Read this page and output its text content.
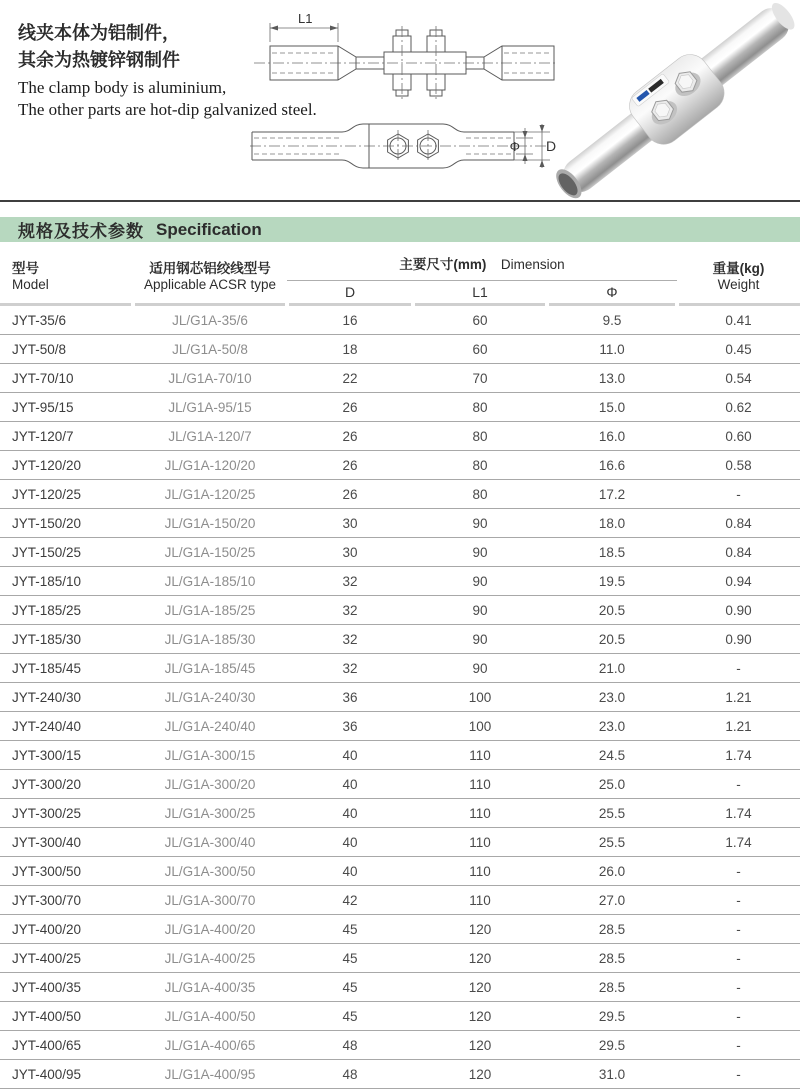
线夹本体为铝制件，
其余为热镀锌钢制件
The clamp body is aluminium,
The other parts are hot-dip galvanized steel.
L1
Φ D
规格及技术参数 Specification
型号
Model	适用钢芯铝绞线型号
Applicable ACSR type	主要尺寸(mm) Dimension			重量(kg)
Weight

		D	L1	Φ	

JYT-35/6	JL/G1A-35/6	16	60	9.5	0.41
JYT-50/8	JL/G1A-50/8	18	60	11.0	0.45
JYT-70/10	JL/G1A-70/10	22	70	13.0	0.54
JYT-95/15	JL/G1A-95/15	26	80	15.0	0.62
JYT-120/7	JL/G1A-120/7	26	80	16.0	0.60
JYT-120/20	JL/G1A-120/20	26	80	16.6	0.58
JYT-120/25	JL/G1A-120/25	26	80	17.2	-
JYT-150/20	JL/G1A-150/20	30	90	18.0	0.84
JYT-150/25	JL/G1A-150/25	30	90	18.5	0.84
JYT-185/10	JL/G1A-185/10	32	90	19.5	0.94
JYT-185/25	JL/G1A-185/25	32	90	20.5	0.90
JYT-185/30	JL/G1A-185/30	32	90	20.5	0.90
JYT-185/45	JL/G1A-185/45	32	90	21.0	-
JYT-240/30	JL/G1A-240/30	36	100	23.0	1.21
JYT-240/40	JL/G1A-240/40	36	100	23.0	1.21
JYT-300/15	JL/G1A-300/15	40	110	24.5	1.74
JYT-300/20	JL/G1A-300/20	40	110	25.0	-
JYT-300/25	JL/G1A-300/25	40	110	25.5	1.74
JYT-300/40	JL/G1A-300/40	40	110	25.5	1.74
JYT-300/50	JL/G1A-300/50	40	110	26.0	-
JYT-300/70	JL/G1A-300/70	42	110	27.0	-
JYT-400/20	JL/G1A-400/20	45	120	28.5	-
JYT-400/25	JL/G1A-400/25	45	120	28.5	-
JYT-400/35	JL/G1A-400/35	45	120	28.5	-
JYT-400/50	JL/G1A-400/50	45	120	29.5	-
JYT-400/65	JL/G1A-400/65	48	120	29.5	-
JYT-400/95	JL/G1A-400/95	48	120	31.0	-
